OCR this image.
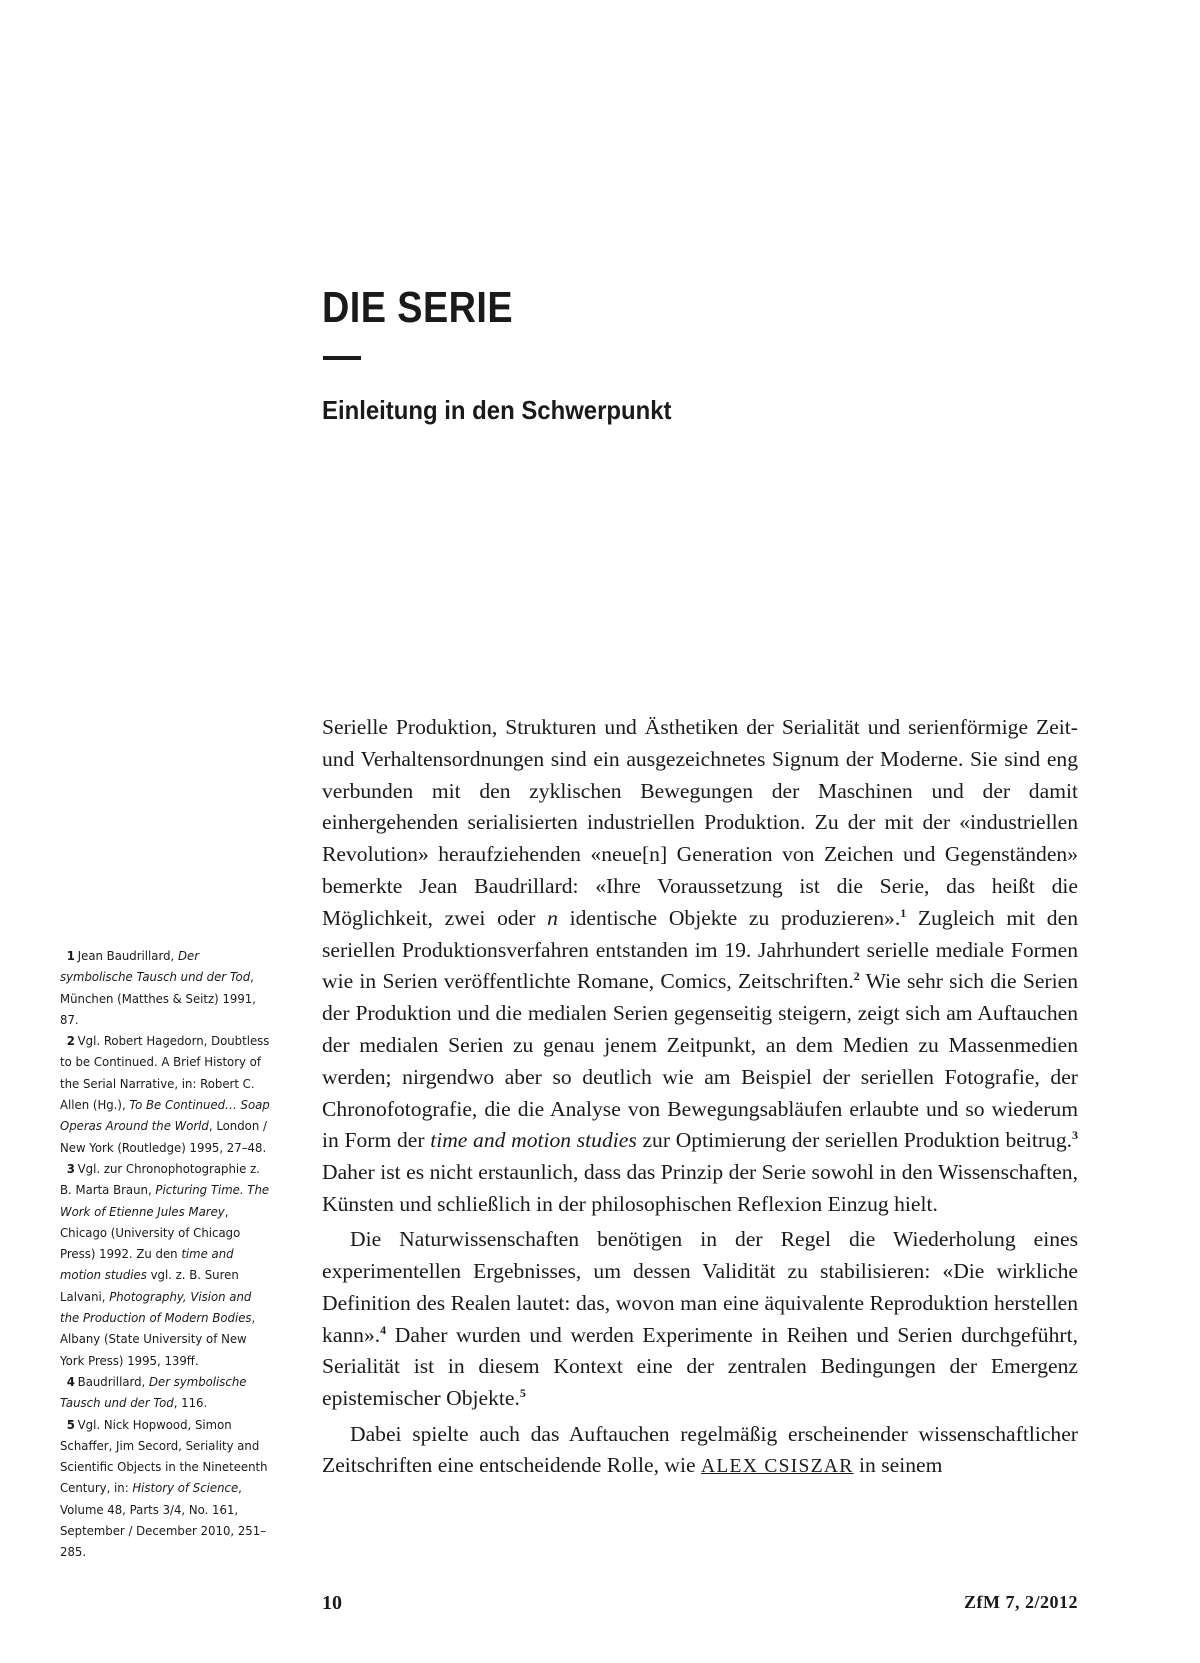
DIE SERIE
Einleitung in den Schwerpunkt

Serielle Produktion, Strukturen und Ästhetiken der Serialität und serienförmige Zeit- und Verhaltensordnungen sind ein ausgezeichnetes Signum der Moderne. Sie sind eng verbunden mit den zyklischen Bewegungen der Maschinen und der damit einhergehenden serialisierten industriellen Produktion. Zu der mit der «industriellen Revolution» heraufziehenden «neue[n] Generation von Zeichen und Gegenständen» bemerkte Jean Baudrillard: «Ihre Voraussetzung ist die Serie, das heißt die Möglichkeit, zwei oder n identische Objekte zu produzieren».$^1$ Zugleich mit den seriellen Produktionsverfahren entstanden im 19. Jahrhundert serielle mediale Formen wie in Serien veröffentlichte Romane, Comics, Zeitschriften.$^2$ Wie sehr sich die Serien der Produktion und die medialen Serien gegenseitig steigern, zeigt sich am Auftauchen der medialen Serien zu genau jenem Zeitpunkt, an dem Medien zu Massenmedien werden; nirgendwo aber so deutlich wie am Beispiel der seriellen Fotografie, der Chronofotografie, die die Analyse von Bewegungsabläufen erlaubte und so wiederum in Form der time and motion studies zur Optimierung der seriellen Produktion beitrug.$^3$ Daher ist es nicht erstaunlich, dass das Prinzip der Serie sowohl in den Wissenschaften, Künsten und schließlich in der philosophischen Reflexion Einzug hielt.

Die Naturwissenschaften benötigen in der Regel die Wiederholung eines experimentellen Ergebnisses, um dessen Validität zu stabilisieren: «Die wirkliche Definition des Realen lautet: das, wovon man eine äquivalente Reproduktion herstellen kann».$^4$ Daher wurden und werden Experimente in Reihen und Serien durchgeführt, Serialität ist in diesem Kontext eine der zentralen Bedingungen der Emergenz epistemischer Objekte.$^5$

Dabei spielte auch das Auftauchen regelmäßig erscheinender wissenschaftlicher Zeitschriften eine entscheidende Rolle, wie ALEX CSISZAR in seinem

1 Jean Baudrillard, Der symbolische Tausch und der Tod, München (Matthes & Seitz) 1991, 87.

2 Vgl. Robert Hagedorn, Doubtless to be Continued. A Brief History of the Serial Narrative, in: Robert C. Allen (Hg.), To Be Continued… Soap Operas Around the World, London / New York (Routledge) 1995, 27–48.

3 Vgl. zur Chronophotographie z. B. Marta Braun, Picturing Time. The Work of Etienne Jules Marey, Chicago (University of Chicago Press) 1992. Zu den time and motion studies vgl. z. B. Suren Lalvani, Photography, Vision and the Production of Modern Bodies, Albany (State University of New York Press) 1995, 139ff.

4 Baudrillard, Der symbolische Tausch und der Tod, 116.

5 Vgl. Nick Hopwood, Simon Schaffer, Jim Secord, Seriality and Scientific Objects in the Nineteenth Century, in: History of Science, Volume 48, Parts 3/4, No. 161, September / December 2010, 251–285.

10	ZfM 7, 2/2012
